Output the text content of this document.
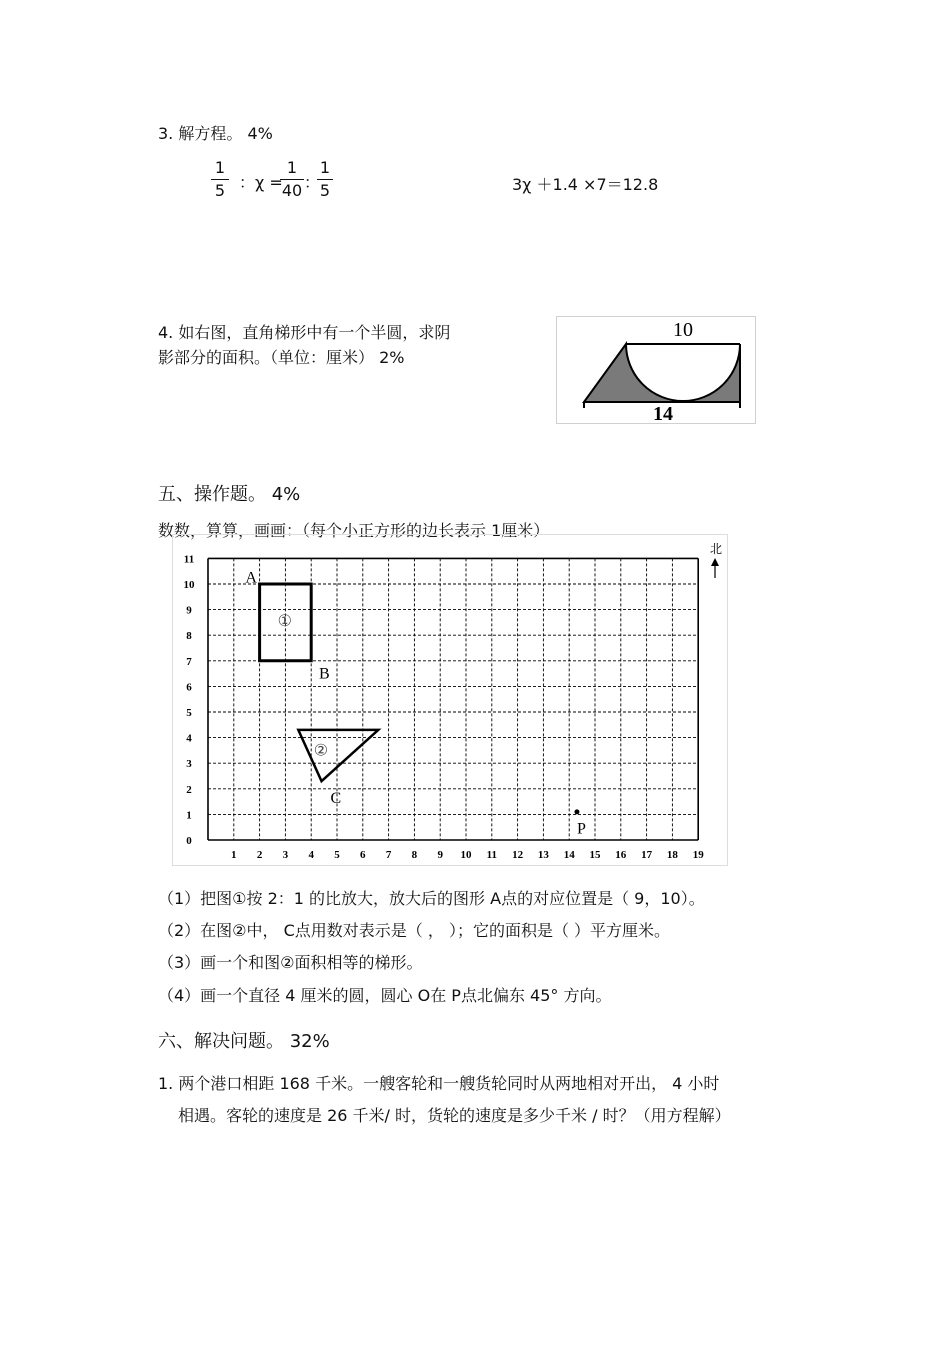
3. 解方程。 4%
1
5 ：χ =
1
40 ：
1
5	3χ ＋1.4 ×7＝12.8
4. 如右图，直角梯形中有一个半圆，求阴
影部分的面积。（单位：厘米） 2%
10
14
五、操作题。 4%
数数，算算，画画：（每个小正方形的边长表示 1厘米）
1 2 3 4 5 6 7 8 9 10 11 12 13 14 15 16 17 18 19
0
1
2
3
4
5
6
7
8
9
10
11
A
B
C
P
①
②
北
（1）把图①按 2：1 的比放大，放大后的图形 A点的对应位置是（ 9，10）。
（2）在图②中， C点用数对表示是（ ， ）；它的面积是（ ）平方厘米。
（3）画一个和图②面积相等的梯形。
（4）画一个直径 4 厘米的圆，圆心 O在 P点北偏东 45° 方向。
六、解决问题。 32%
1. 两个港口相距 168 千米。一艘客轮和一艘货轮同时从两地相对开出， 4 小时
相遇。客轮的速度是 26 千米/ 时，货轮的速度是多少千米 / 时？（用方程解）
